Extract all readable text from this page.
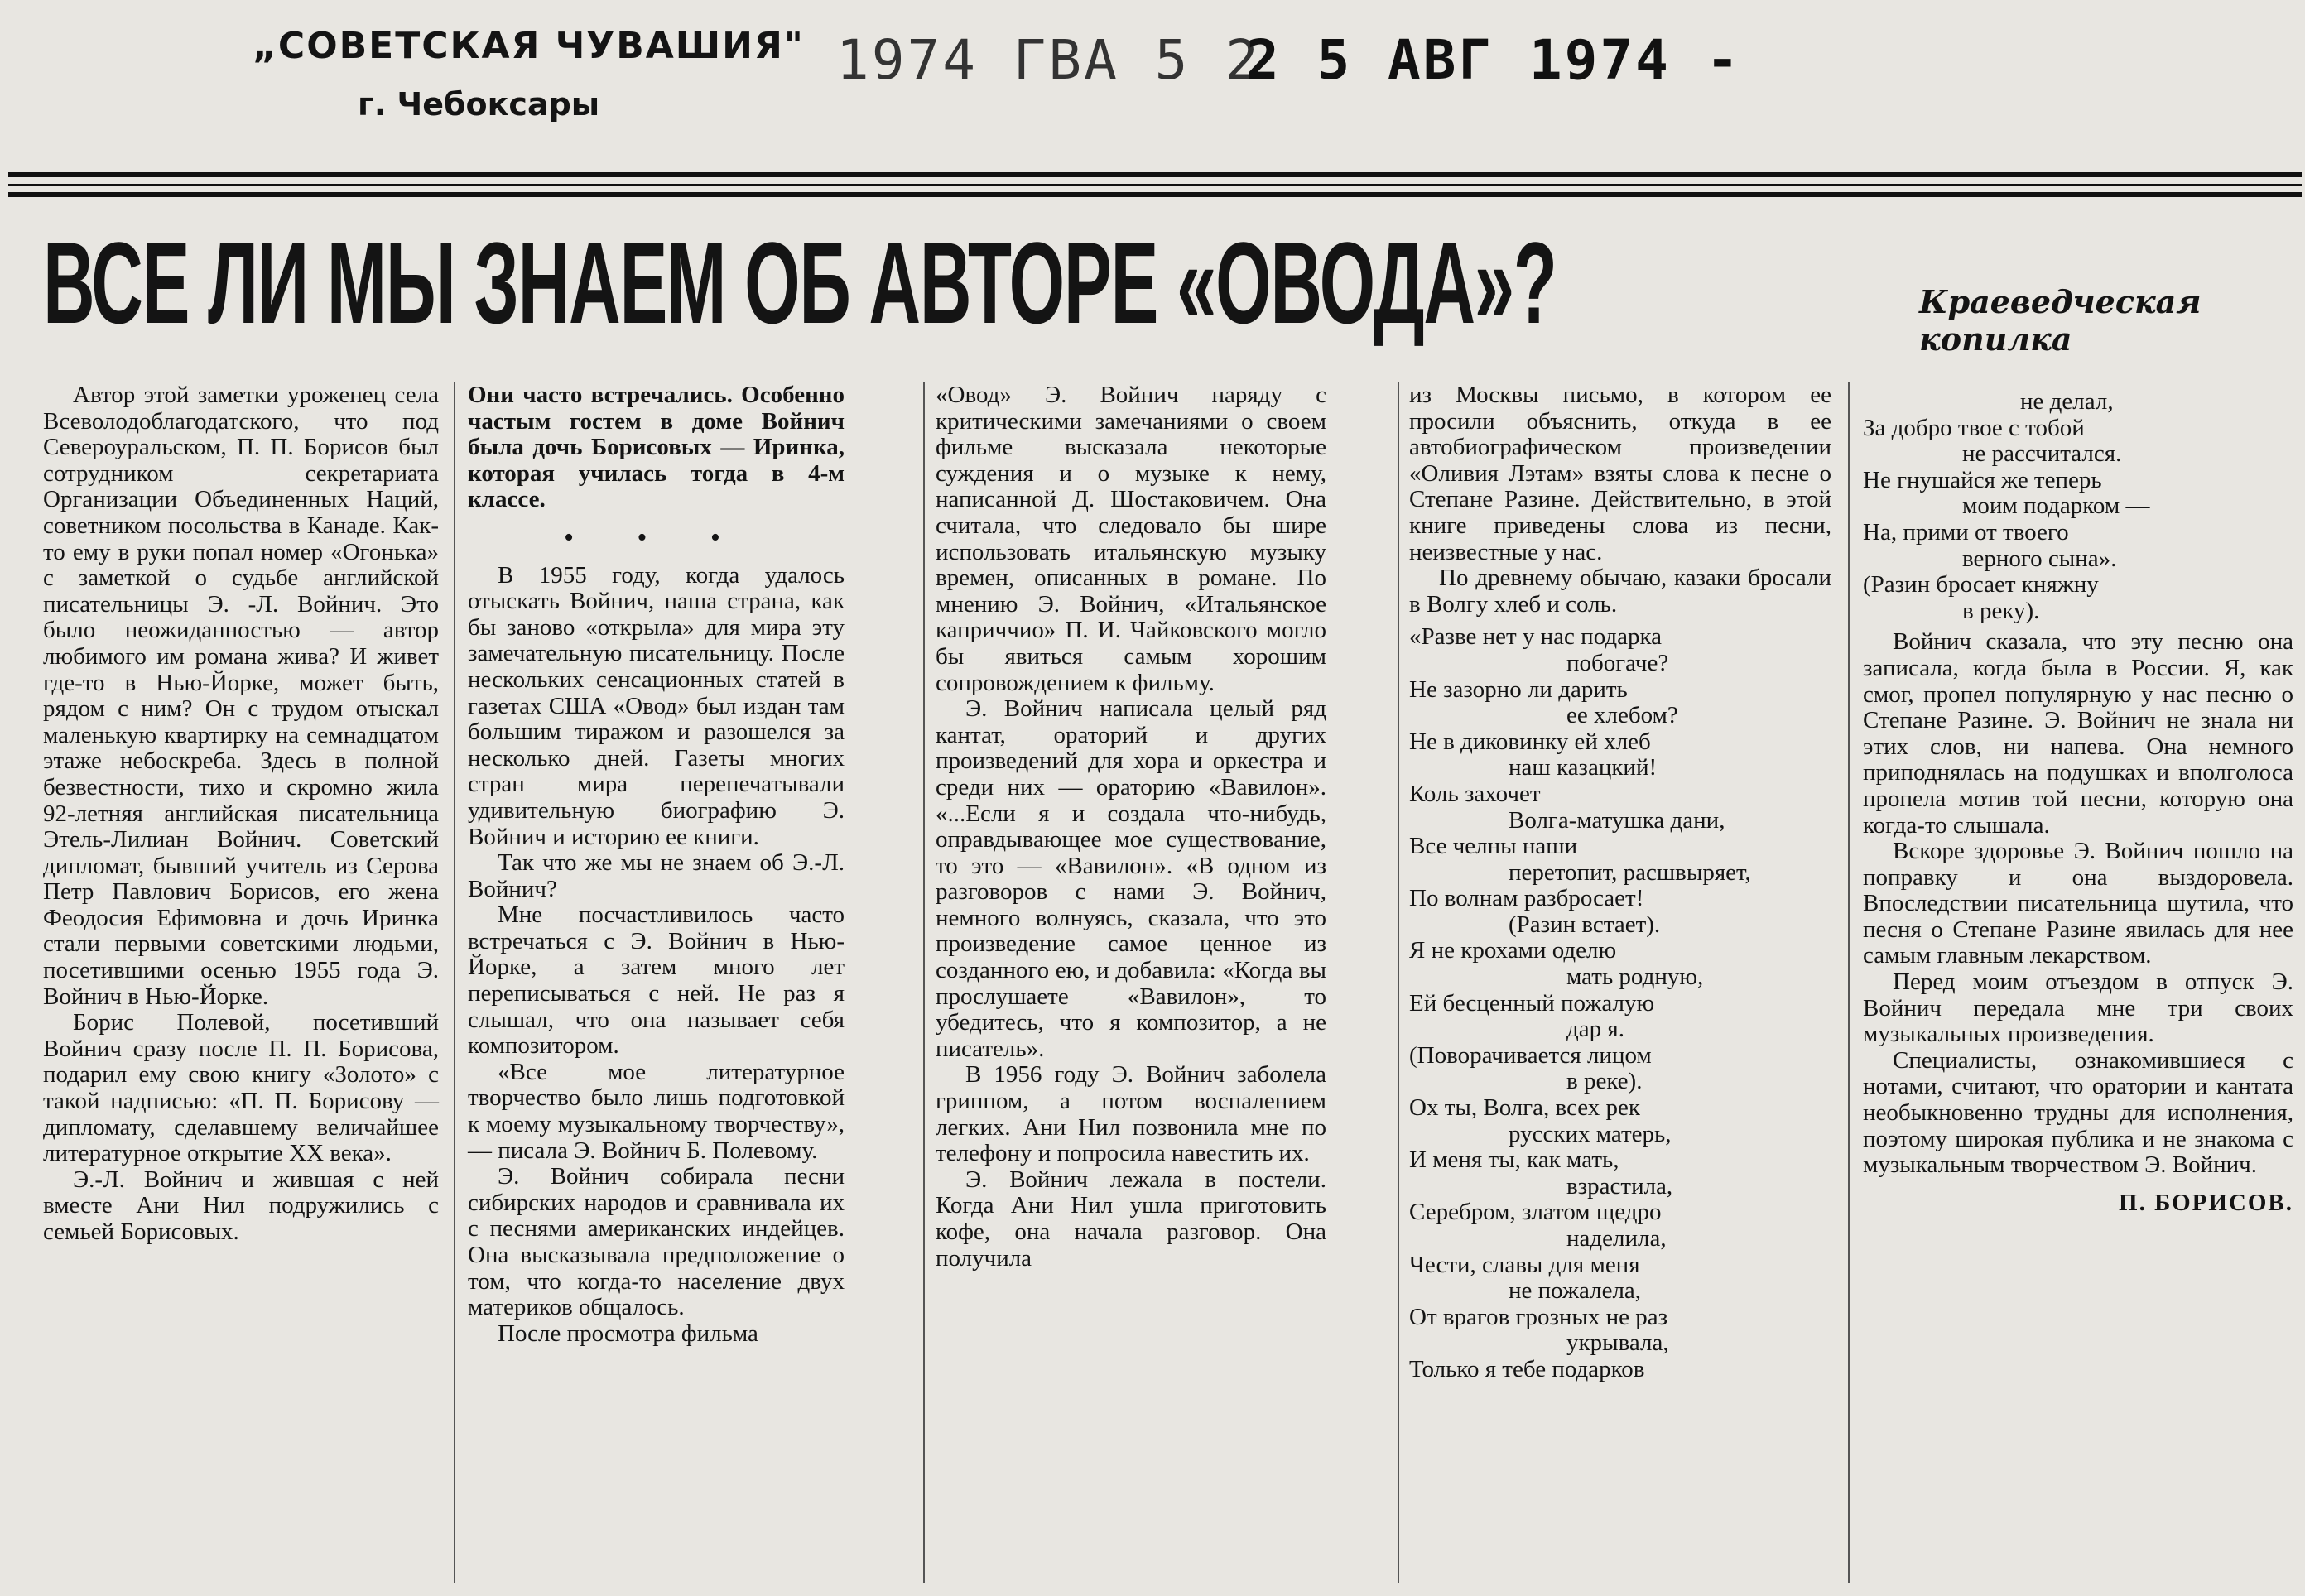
„СОВЕТСКАЯ ЧУВАШИЯ"
г. Чебоксары
1974 ГВА 5 2
2 5 АВГ 1974 -
ВСЕ ЛИ МЫ ЗНАЕМ ОБ АВТОРЕ «ОВОДА»?	Краеведческая копилка

Автор этой заметки уроженец села Всеволодоблагодатского, что под Североуральском, П. П. Борисов был сотрудником секретариата Организации Объединенных Наций, советником посольства в Канаде. Как-то ему в руки попал номер «Огонька» с заметкой о судьбе английской писательницы Э. -Л. Войнич. Это было неожиданностью — автор любимого им романа жива? И живет где-то в Нью-Йорке, может быть, рядом с ним? Он с трудом отыскал маленькую квартирку на семнадцатом этаже небоскреба. Здесь в полной безвестности, тихо и скромно жила 92-летняя английская писательница Этель-Лилиан Войнич. Советский дипломат, бывший учитель из Серова Петр Павлович Борисов, его жена Феодосия Ефимовна и дочь Иринка стали первыми советскими людьми, посетившими осенью 1955 года Э. Войнич в Нью-Йорке.

Борис Полевой, посетивший Войнич сразу после П. П. Борисова, подарил ему свою книгу «Золото» с такой надписью: «П. П. Борисову — дипломату, сделавшему величайшее литературное открытие XX века».

Э.-Л. Войнич и жившая с ней вместе Ани Нил подружились с семьей Борисовых.

Они часто встречались. Особенно частым гостем в доме Войнич была дочь Борисовых — Иринка, которая училась тогда в 4-м классе.

• • •

В 1955 году, когда удалось отыскать Войнич, наша страна, как бы заново «открыла» для мира эту замечательную писательницу. После нескольких сенсационных статей в газетах США «Овод» был издан там большим тиражом и разошелся за несколько дней. Газеты многих стран мира перепечатывали удивительную биографию Э. Войнич и историю ее книги.

Так что же мы не знаем об Э.-Л. Войнич?

Мне посчастливилось часто встречаться с Э. Войнич в Нью-Йорке, а затем много лет переписываться с ней. Не раз я слышал, что она называет себя композитором.

«Все мое литературное творчество было лишь подготовкой к моему музыкальному творчеству», — писала Э. Войнич Б. Полевому.

Э. Войнич собирала песни сибирских народов и сравнивала их с песнями американских индейцев. Она высказывала предположение о том, что когда-то население двух материков общалось.

После просмотра фильма

«Овод» Э. Войнич наряду с критическими замечаниями о своем фильме высказала некоторые суждения и о музыке к нему, написанной Д. Шостаковичем. Она считала, что следовало бы шире использовать итальянскую музыку времен, описанных в романе. По мнению Э. Войнич, «Итальянское каприччио» П. И. Чайковского могло бы явиться самым хорошим сопровождением к фильму.

Э. Войнич написала целый ряд кантат, ораторий и других произведений для хора и оркестра и среди них — ораторию «Вавилон». «...Если я и создала что-нибудь, оправдывающее мое существование, то это — «Вавилон». «В одном из разговоров с нами Э. Войнич, немного волнуясь, сказала, что это произведение самое ценное из созданного ею, и добавила: «Когда вы прослушаете «Вавилон», то убедитесь, что я композитор, а не писатель».

В 1956 году Э. Войнич заболела гриппом, а потом воспалением легких. Ани Нил позвонила мне по телефону и попросила навестить их.

Э. Войнич лежала в постели. Когда Ани Нил ушла приготовить кофе, она начала разговор. Она получила

из Москвы письмо, в котором ее просили объяснить, откуда в ее автобиографическом произведении «Оливия Лэтам» взяты слова к песне о Степане Разине. Действительно, в этой книге приведены слова из песни, неизвестные у нас.

По древнему обычаю, казаки бросали в Волгу хлеб и соль.

«Разве нет у нас подарка
побогаче?
Не зазорно ли дарить
ее хлебом?
Не в диковинку ей хлеб
наш казацкий!
Коль захочет
Волга-матушка дани,
Все челны наши
перетопит, расшвыряет,
По волнам разбросает!
(Разин встает).
Я не крохами оделю
мать родную,
Ей бесценный пожалую
дар я.
(Поворачивается лицом
в реке).
Ох ты, Волга, всех рек
русских матерь,
И меня ты, как мать,
взрастила,
Серебром, златом щедро
наделила,
Чести, славы для меня
не пожалела,
От врагов грозных не раз
укрывала,
Только я тебе подарков
не делал,
За добро твое с тобой
не рассчитался.
Не гнушайся же теперь
моим подарком —
На, прими от твоего
верного сына».
(Разин бросает княжну
в реку).

Войнич сказала, что эту песню она записала, когда была в России. Я, как смог, пропел популярную у нас песню о Степане Разине. Э. Войнич не знала ни этих слов, ни напева. Она немного приподнялась на подушках и вполголоса пропела мотив той песни, которую она когда-то слышала.

Вскоре здоровье Э. Войнич пошло на поправку и она выздоровела. Впоследствии писательница шутила, что песня о Степане Разине явилась для нее самым главным лекарством.

Перед моим отъездом в отпуск Э. Войнич передала мне три своих музыкальных произведения.

Специалисты, ознакомившиеся с нотами, считают, что оратории и кантата необыкновенно трудны для исполнения, поэтому широкая публика и не знакома с музыкальным творчеством Э. Войнич.

П. БОРИСОВ.
